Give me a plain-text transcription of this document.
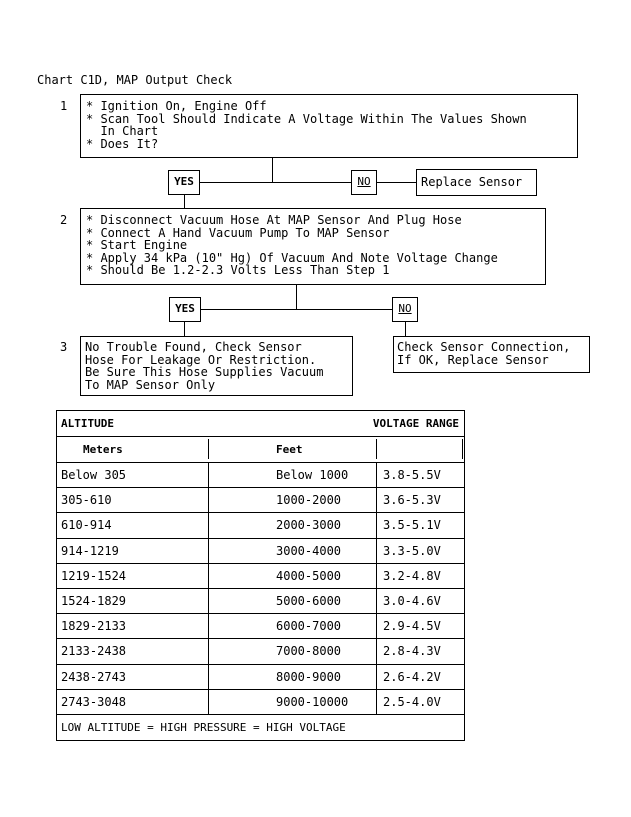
Chart C1D, MAP Output Check
1 * Ignition On, Engine Off
* Scan Tool Should Indicate A Voltage Within The Values Shown
In Chart
* Does It?
YES	NO	Replace Sensor
2 * Disconnect Vacuum Hose At MAP Sensor And Plug Hose
* Connect A Hand Vacuum Pump To MAP Sensor
* Start Engine
* Apply 34 kPa (10" Hg) Of Vacuum And Note Voltage Change
* Should Be 1.2-2.3 Volts Less Than Step 1
YES	NO
3 No Trouble Found, Check Sensor
Hose For Leakage Or Restriction.
Be Sure This Hose Supplies Vacuum
To MAP Sensor Only
Check Sensor Connection,
If OK, Replace Sensor
ALTITUDE	VOLTAGE RANGE
Meters	Feet
Below 305	Below 1000	3.8-5.5V
305-610	1000-2000	3.6-5.3V
610-914	2000-3000	3.5-5.1V
914-1219	3000-4000	3.3-5.0V
1219-1524	4000-5000	3.2-4.8V
1524-1829	5000-6000	3.0-4.6V
1829-2133	6000-7000	2.9-4.5V
2133-2438	7000-8000	2.8-4.3V
2438-2743	8000-9000	2.6-4.2V
2743-3048	9000-10000	2.5-4.0V
LOW ALTITUDE = HIGH PRESSURE = HIGH VOLTAGE
